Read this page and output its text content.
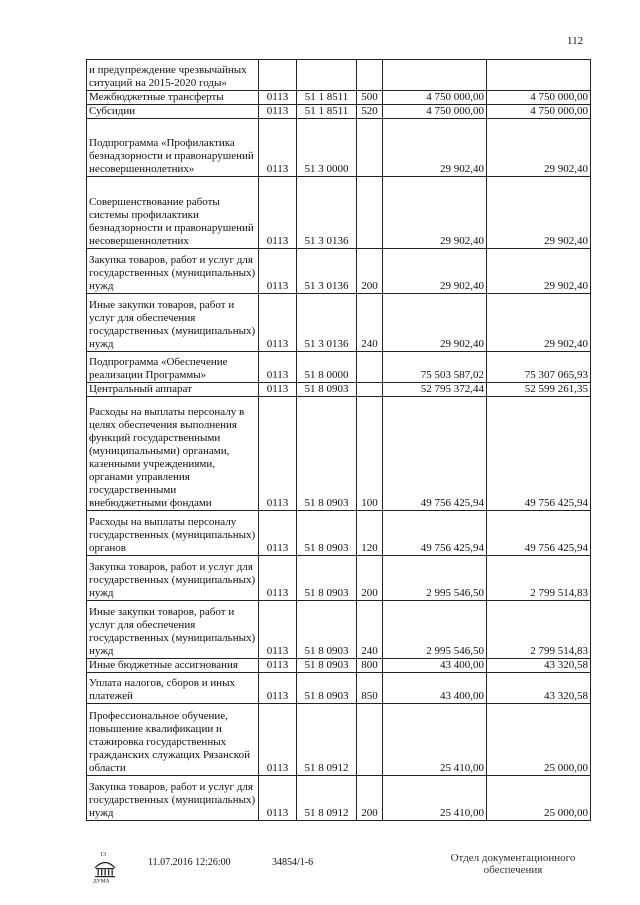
112
и предупреждение чрезвычайных ситуаций на 2015-2020 годы»					
Межбюджетные трансферты	0113	51 1 8511	500	4 750 000,00	4 750 000,00
Субсидии	0113	51 1 8511	520	4 750 000,00	4 750 000,00
Подпрограмма «Профилактика безнадзорности и правонарушений несовершеннолетних»	0113	51 3 0000		29 902,40	29 902,40
Совершенствование работы системы профилактики безнадзорности и правонарушений несовершеннолетних	0113	51 3 0136		29 902,40	29 902,40
Закупка товаров, работ и услуг для государственных (муниципальных) нужд	0113	51 3 0136	200	29 902,40	29 902,40
Иные закупки товаров, работ и услуг для обеспечения государственных (муниципальных) нужд	0113	51 3 0136	240	29 902,40	29 902,40
Подпрограмма «Обеспечение реализации Программы»	0113	51 8 0000		75 503 587,02	75 307 065,93
Центральный аппарат	0113	51 8 0903		52 795 372,44	52 599 261,35
Расходы на выплаты персоналу в целях обеспечения выполнения функций государственными (муниципальными) органами, казенными учреждениями, органами управления государственными внебюджетными фондами	0113	51 8 0903	100	49 756 425,94	49 756 425,94
Расходы на выплаты персоналу государственных (муниципальных) органов	0113	51 8 0903	120	49 756 425,94	49 756 425,94
Закупка товаров, работ и услуг для государственных (муниципальных) нужд	0113	51 8 0903	200	2 995 546,50	2 799 514,83
Иные закупки товаров, работ и услуг для обеспечения государственных (муниципальных) нужд	0113	51 8 0903	240	2 995 546,50	2 799 514,83
Иные бюджетные ассигнования	0113	51 8 0903	800	43 400,00	43 320,58
Уплата налогов, сборов и иных платежей	0113	51 8 0903	850	43 400,00	43 320,58
Профессиональное обучение, повышение квалификации и стажировка государственных гражданских служащих Рязанской области	0113	51 8 0912		25 410,00	25 000,00
Закупка товаров, работ и услуг для государственных (муниципальных) нужд	0113	51 8 0912	200	25 410,00	25 000,00
13
ДУМА
11.07.2016 12:26:00	34854/1-6	Отдел документационного
обеспечения
